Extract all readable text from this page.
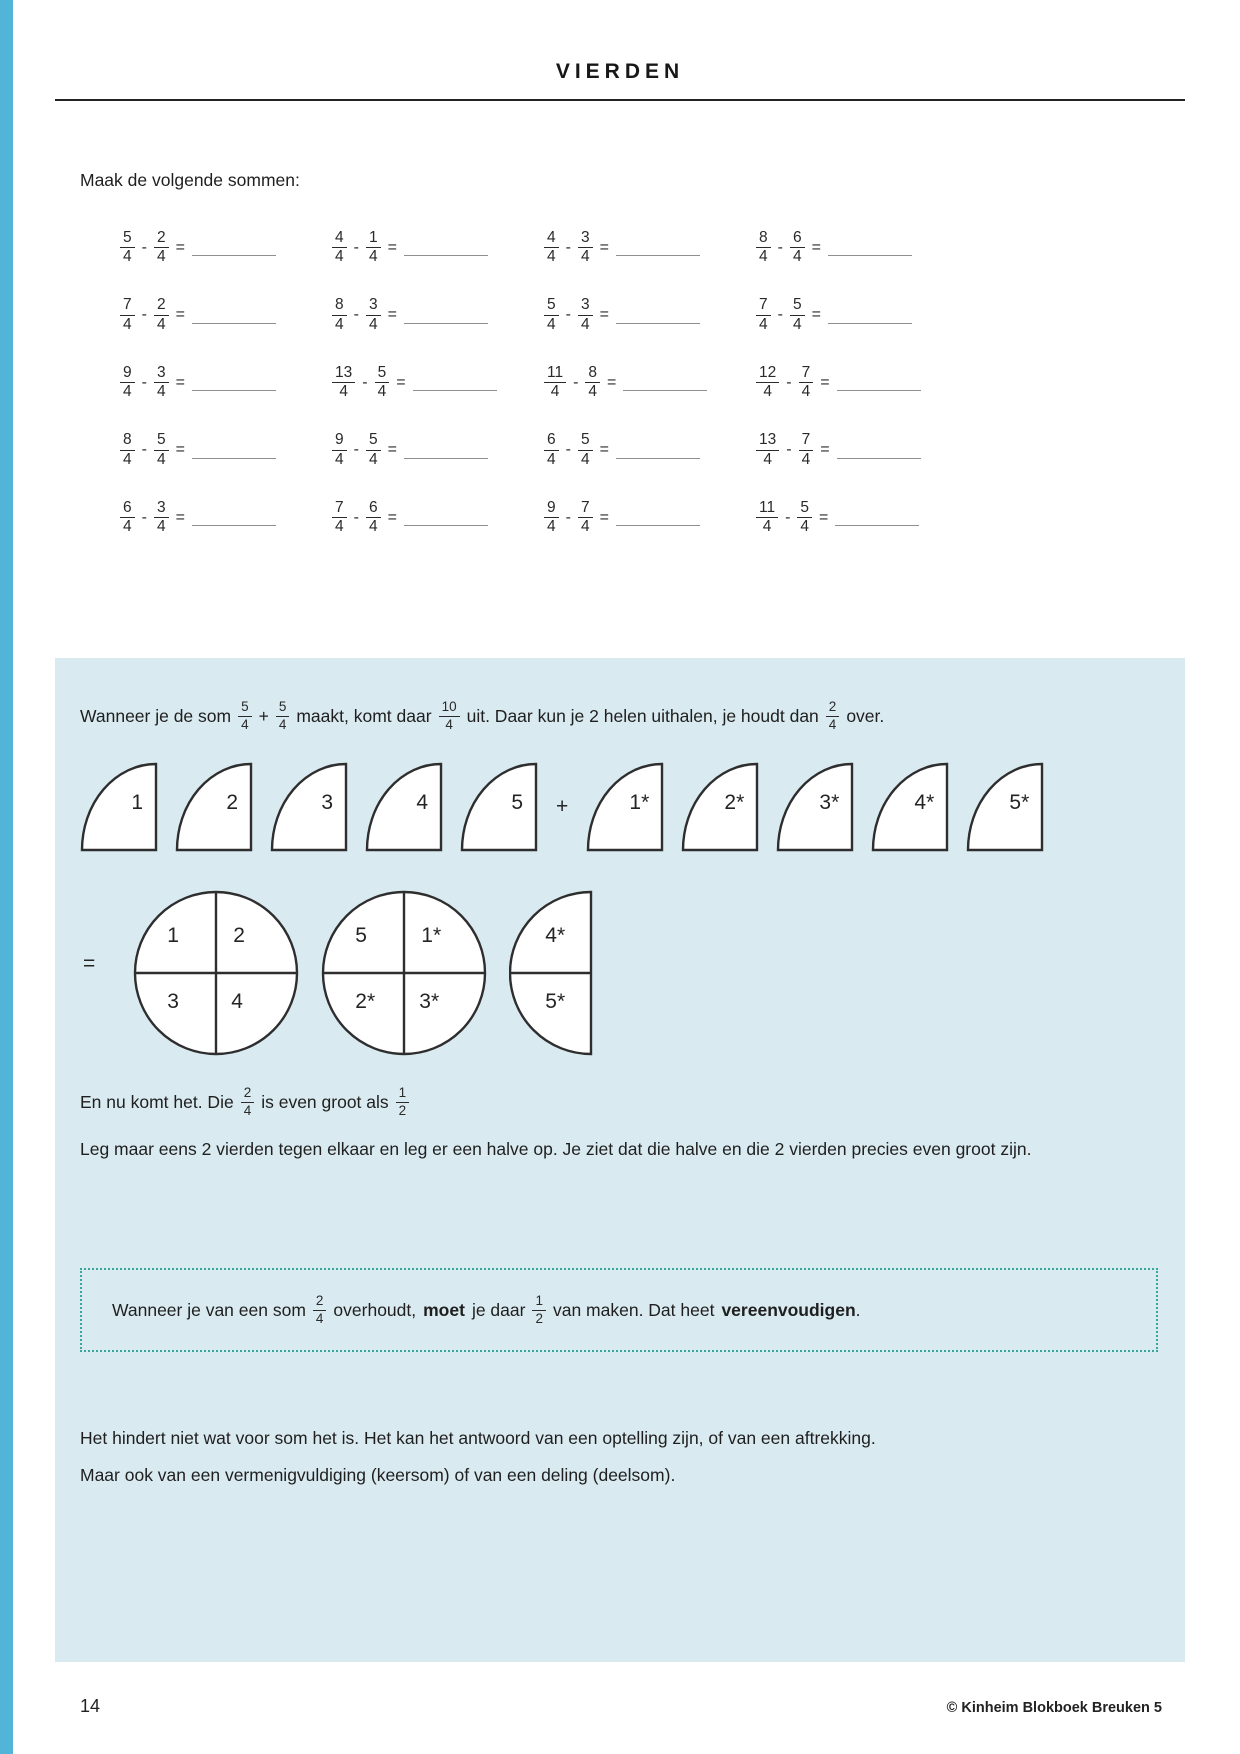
VIERDEN
Maak de volgende sommen:
$\frac{5}{4} - \frac{2}{4}$ =	$\frac{4}{4} - \frac{1}{4}$ =	$\frac{4}{4} - \frac{3}{4}$ =	$\frac{8}{4} - \frac{6}{4}$ =
$\frac{7}{4} - \frac{2}{4}$ =	$\frac{8}{4} - \frac{3}{4}$ =	$\frac{5}{4} - \frac{3}{4}$ =	$\frac{7}{4} - \frac{5}{4}$ =
$\frac{9}{4} - \frac{3}{4}$ =	$\frac{13}{4} - \frac{5}{4}$ =	$\frac{11}{4} - \frac{8}{4}$ =	$\frac{12}{4} - \frac{7}{4}$ =
$\frac{8}{4} - \frac{5}{4}$ =	$\frac{9}{4} - \frac{5}{4}$ =	$\frac{6}{4} - \frac{5}{4}$ =	$\frac{13}{4} - \frac{7}{4}$ =
$\frac{6}{4} - \frac{3}{4}$ =	$\frac{7}{4} - \frac{6}{4}$ =	$\frac{9}{4} - \frac{7}{4}$ =	$\frac{11}{4} - \frac{5}{4}$ =
Wanneer je de som $\frac{5}{4} + \frac{5}{4}$ maakt, komt daar $\frac{10}{4}$ uit. Daar kun je 2 helen uithalen, je houdt dan $\frac{2}{4}$ over.
1	2	3	4	5 +	1*	2*	3*	4*	5*
=
1	2
3 4
5	1*
2* 3*
4*
5*
En nu komt het. Die $\frac{2}{4}$ is even groot als $\frac{1}{2}$
Leg maar eens 2 vierden tegen elkaar en leg er een halve op. Je ziet dat die halve en die 2 vierden precies even groot zijn.
Wanneer je van een som $\frac{2}{4}$ overhoudt, moet je daar $\frac{1}{2}$ van maken. Dat heet vereenvoudigen.
Het hindert niet wat voor som het is. Het kan het antwoord van een optelling zijn, of van een aftrekking.
Maar ook van een vermenigvuldiging (keersom) of van een deling (deelsom).
14	© Kinheim Blokboek Breuken 5
